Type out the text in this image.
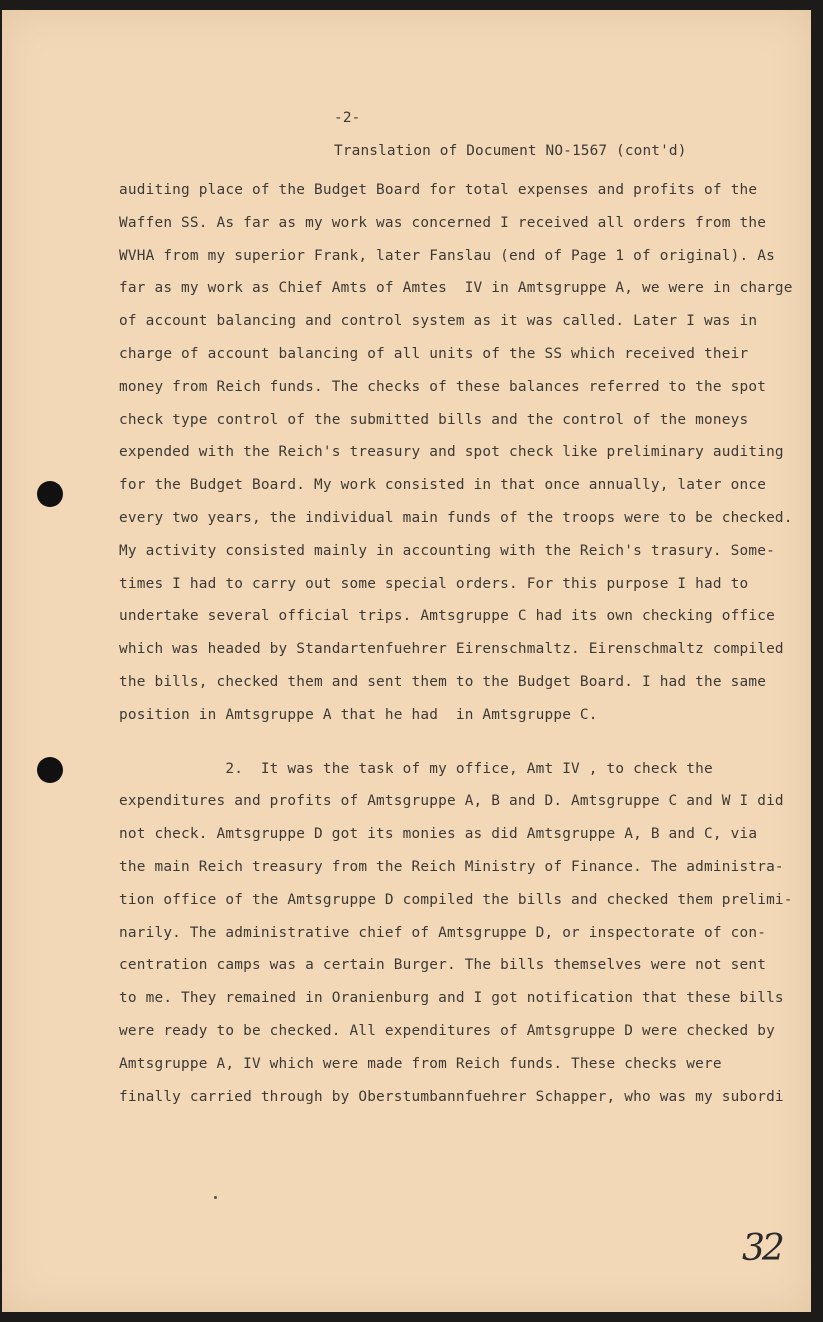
-2-
Translation of Document NO-1567 (cont'd)
auditing place of the Budget Board for total expenses and profits of the
Waffen SS. As far as my work was concerned I received all orders from the
WVHA from my superior Frank, later Fanslau (end of Page 1 of original). As
far as my work as Chief Amts of Amtes  IV in Amtsgruppe A, we were in charge
of account balancing and control system as it was called. Later I was in
charge of account balancing of all units of the SS which received their
money from Reich funds. The checks of these balances referred to the spot
check type control of the submitted bills and the control of the moneys
expended with the Reich's treasury and spot check like preliminary auditing
for the Budget Board. My work consisted in that once annually, later once
every two years, the individual main funds of the troops were to be checked.
My activity consisted mainly in accounting with the Reich's trasury. Some-
times I had to carry out some special orders. For this purpose I had to
undertake several official trips. Amtsgruppe C had its own checking office
which was headed by Standartenfuehrer Eirenschmaltz. Eirenschmaltz compiled
the bills, checked them and sent them to the Budget Board. I had the same
position in Amtsgruppe A that he had  in Amtsgruppe C.
2.  It was the task of my office, Amt IV , to check the
expenditures and profits of Amtsgruppe A, B and D. Amtsgruppe C and W I did
not check. Amtsgruppe D got its monies as did Amtsgruppe A, B and C, via
the main Reich treasury from the Reich Ministry of Finance. The administra-
tion office of the Amtsgruppe D compiled the bills and checked them prelimi-
narily. The administrative chief of Amtsgruppe D, or inspectorate of con-
centration camps was a certain Burger. The bills themselves were not sent
to me. They remained in Oranienburg and I got notification that these bills
were ready to be checked. All expenditures of Amtsgruppe D were checked by
Amtsgruppe A, IV which were made from Reich funds. These checks were
finally carried through by Oberstumbannfuehrer Schapper, who was my subordi
32
